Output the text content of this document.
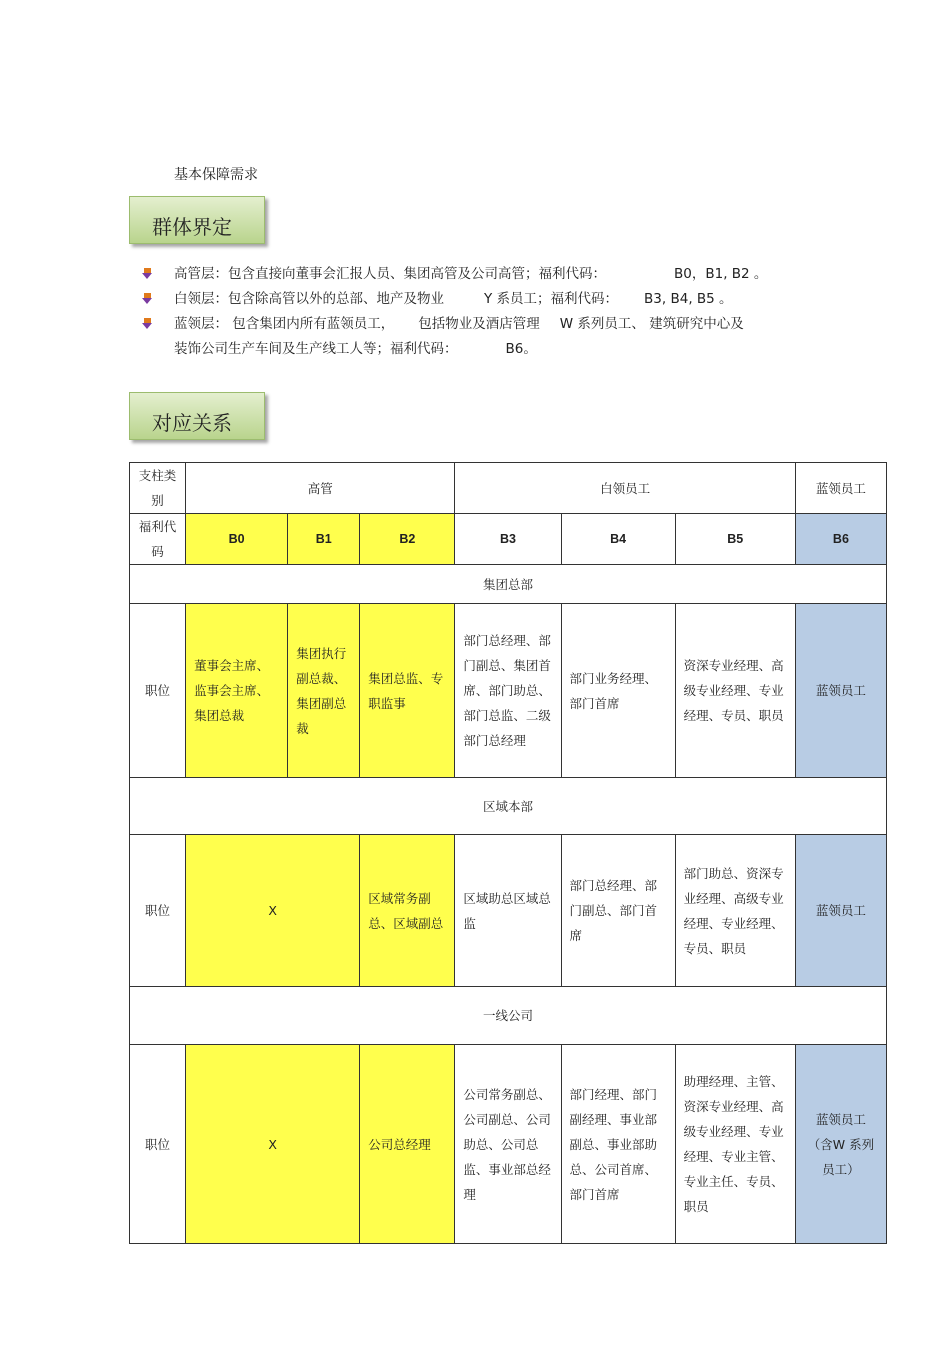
基本保障需求
群体界定
高管层：包含直接向董事会汇报人员、集团高管及公司高管；福利代码：	B0，B1, B2 。
白领层：包含除高管以外的总部、地产及物业	Y 系员工；福利代码： B3, B4, B5 。
蓝领层： 包含集团内所有蓝领员工， 包括物业及酒店管理 W 系列员工、 建筑研究中心及
装饰公司生产车间及生产线工人等；福利代码：	B6。
对应关系
支柱类别	高管			白领员工			蓝领员工
福利代码	B0	B1	B2	B3	B4	B5	B6
集团总部							
职位	董事会主席、监事会主席、集团总裁	集团执行副总裁、集团副总裁	集团总监、专职监事	部门总经理、部门副总、集团首席、部门助总、部门总监、二级部门总经理	部门业务经理、部门首席	资深专业经理、高级专业经理、专业经理、专员、职员	蓝领员工
区域本部							
职位	X		区域常务副总、区域副总	区域助总区域总监	部门总经理、部门副总、部门首席	部门助总、资深专业经理、高级专业经理、专业经理、专员、职员	蓝领员工
一线公司							
职位	X		公司总经理	公司常务副总、公司副总、公司助总、公司总监、事业部总经理	部门经理、部门副经理、事业部副总、事业部助总、公司首席、部门首席	助理经理、主管、资深专业经理、高级专业经理、专业经理、专业主管、专业主任、专员、职员	蓝领员工（含W 系列员工）
